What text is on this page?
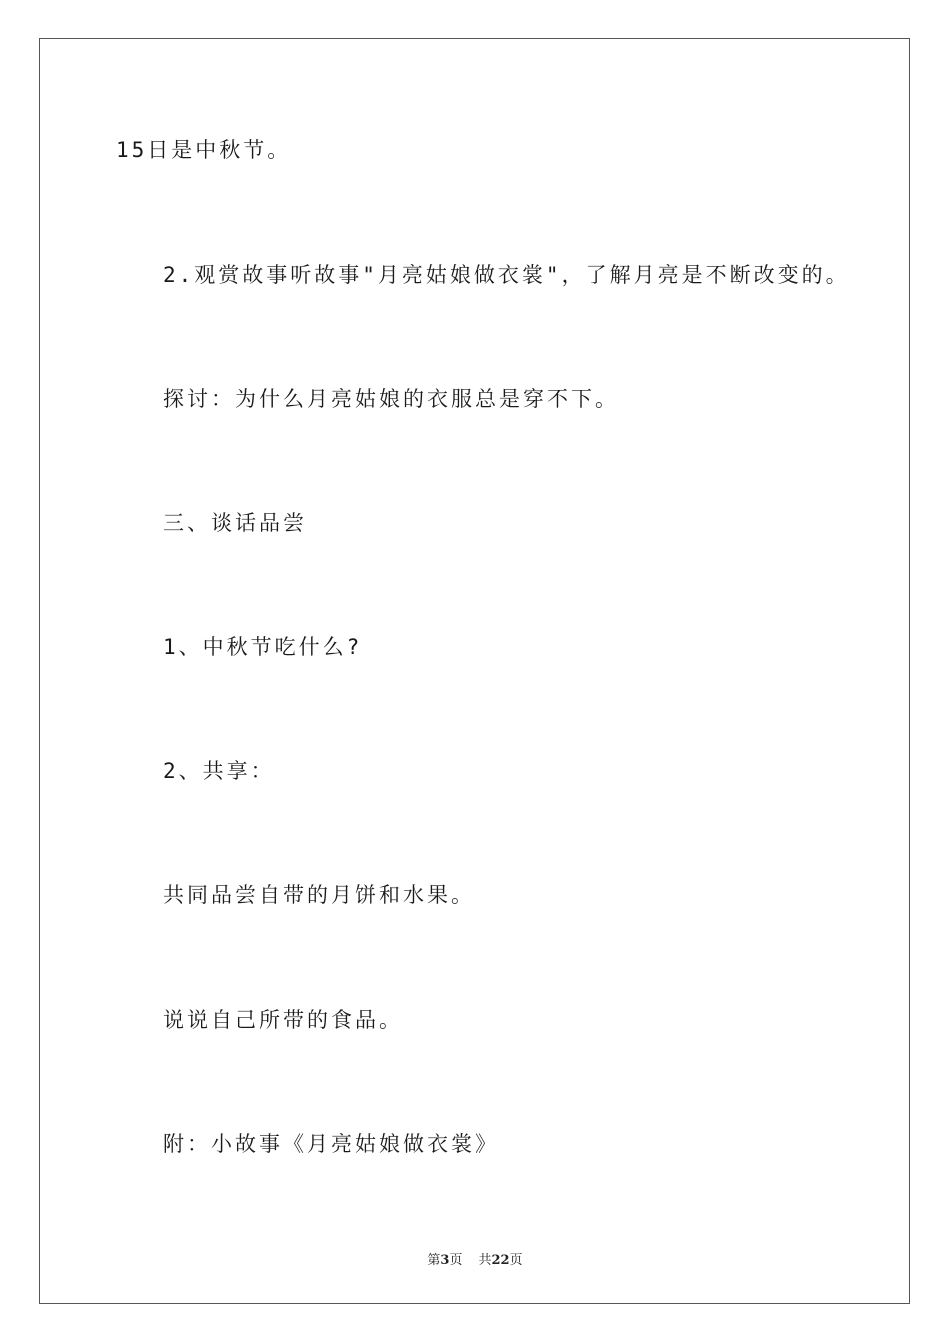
15日是中秋节。
2.观赏故事听故事"月亮姑娘做衣裳"，了解月亮是不断改变的。
探讨：为什么月亮姑娘的衣服总是穿不下。
三、谈话品尝
1、中秋节吃什么?
2、共享：
共同品尝自带的月饼和水果。
说说自己所带的食品。
附：小故事《月亮姑娘做衣裳》
第3页 共22页
